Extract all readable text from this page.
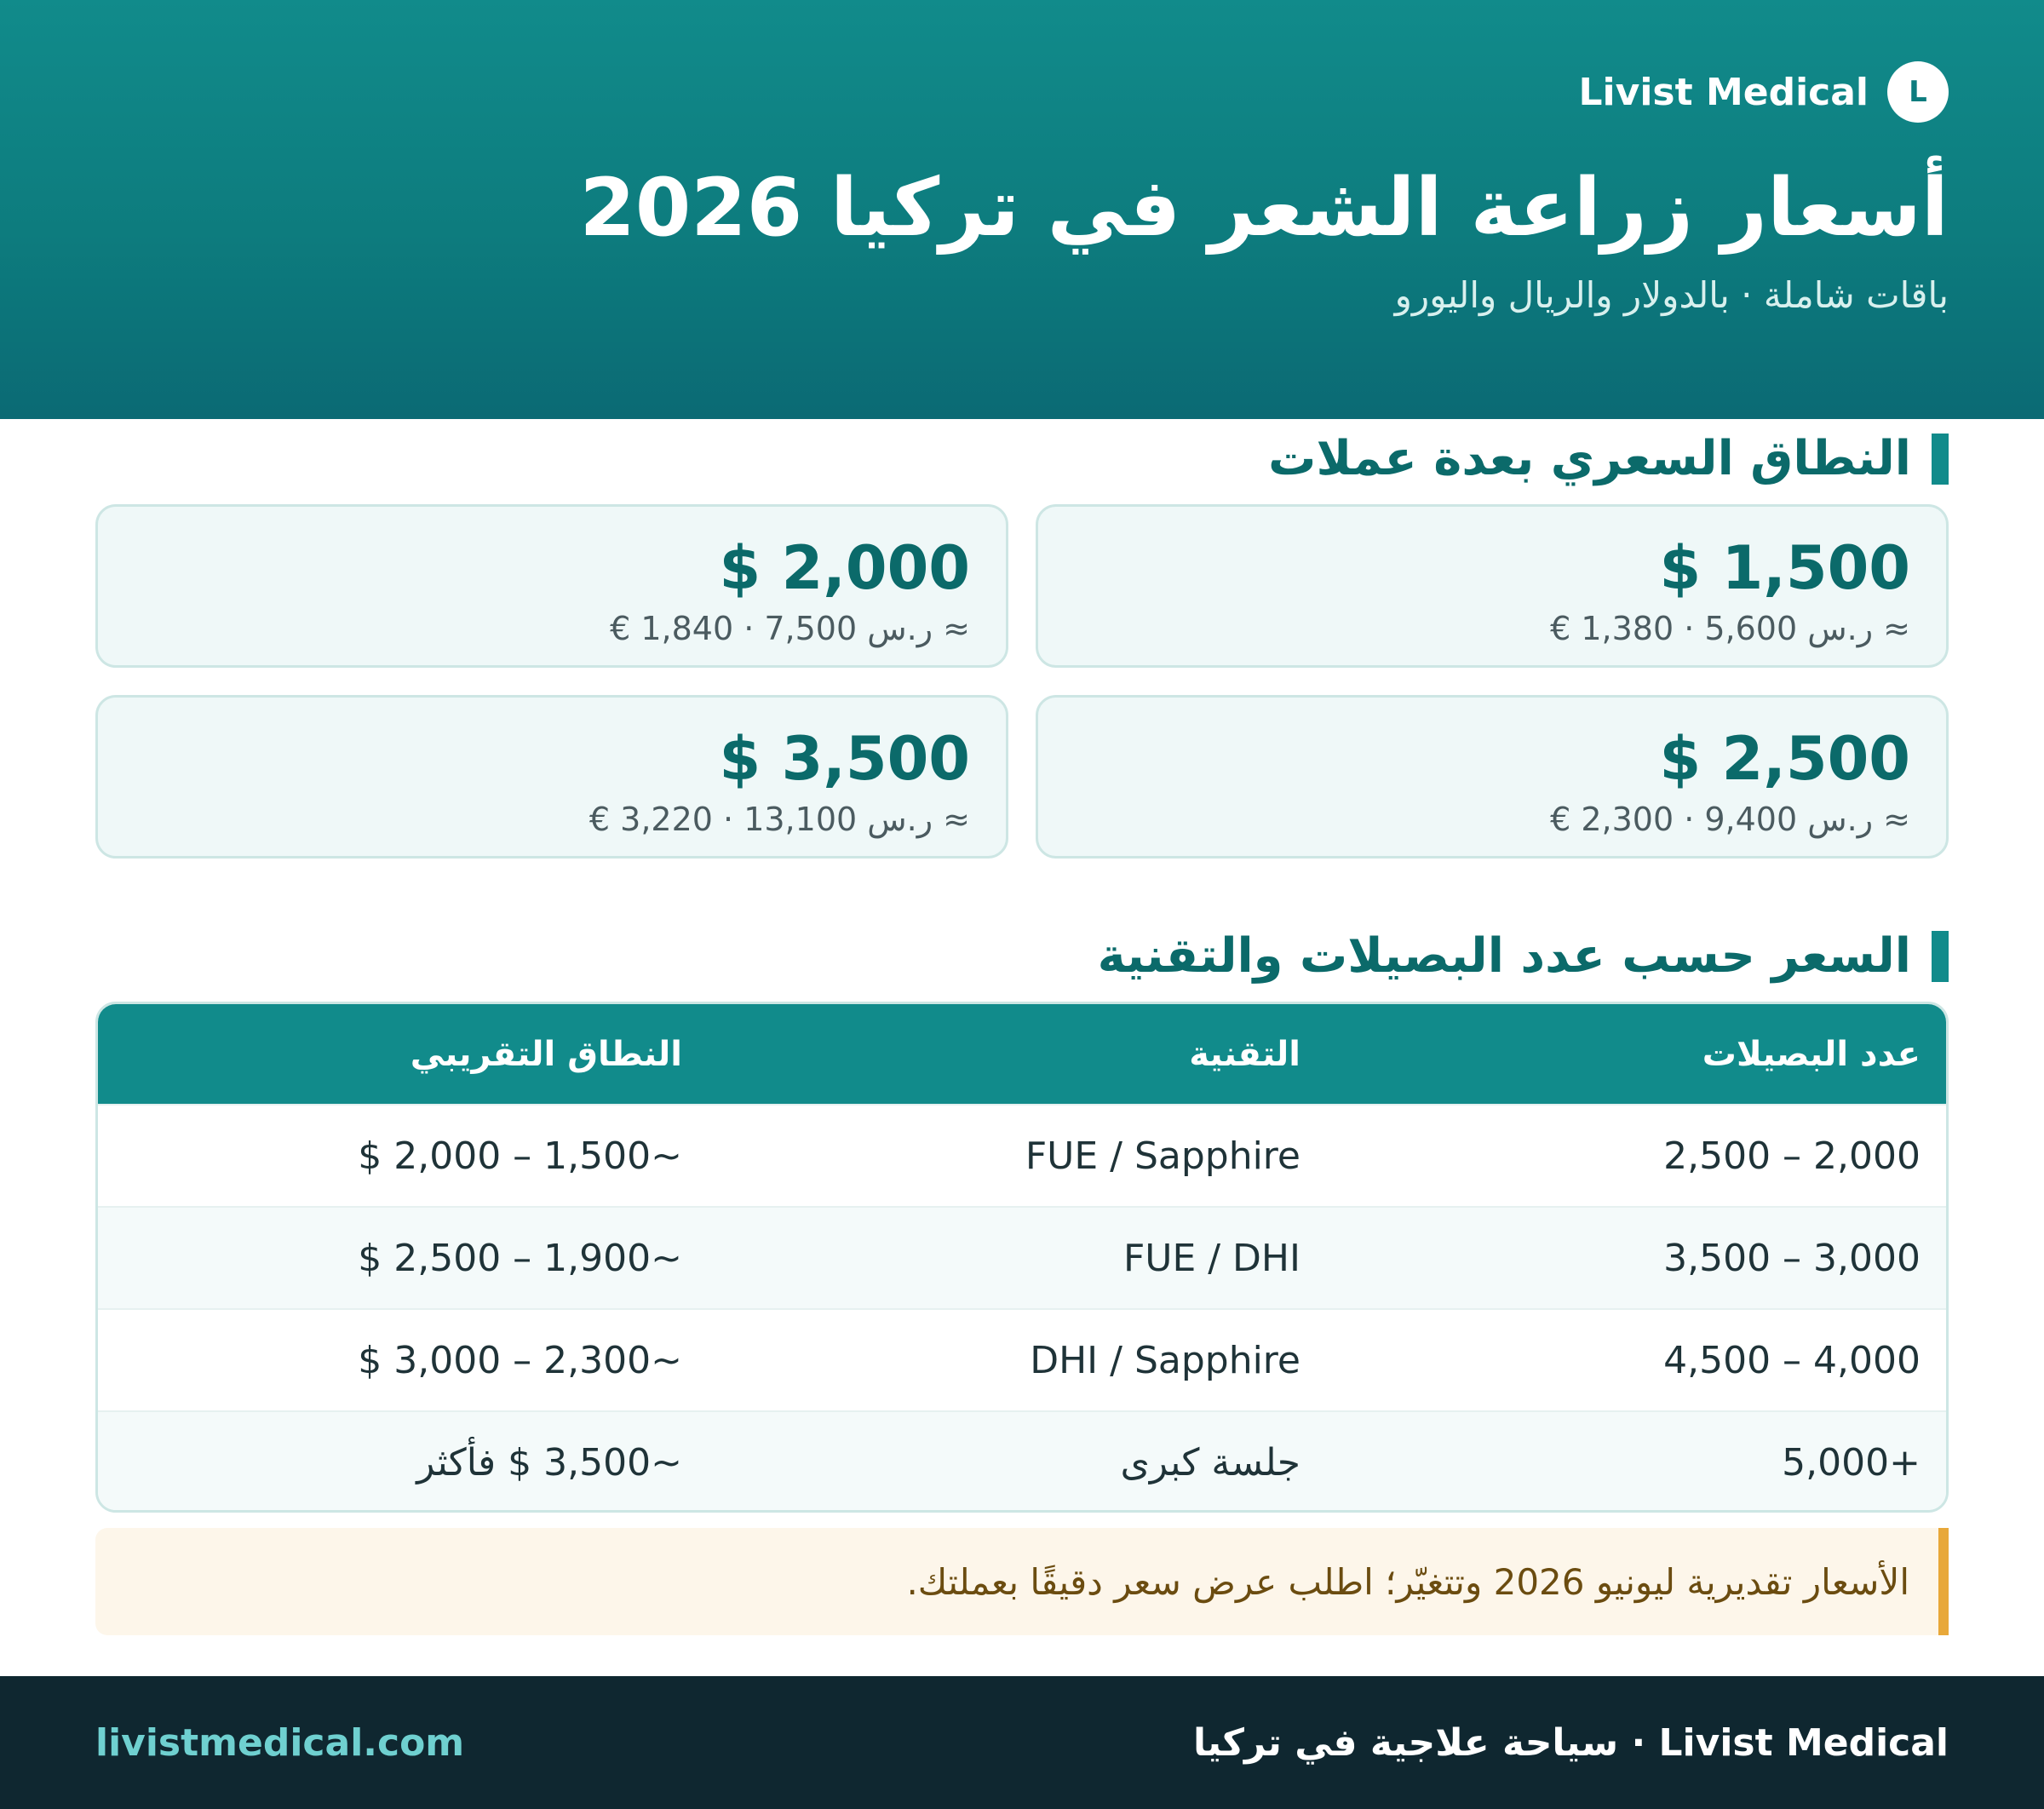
L
Livist Medical
أسعار زراعة الشعر في تركيا 2026
باقات شاملة · بالدولار والريال واليورو
النطاق السعري بعدة عملات
$ 1,500
€ 1,380 · ر.س 5,600 ≈
$ 2,000
€ 1,840 · ر.س 7,500 ≈
$ 2,500
€ 2,300 · ر.س 9,400 ≈
$ 3,500
€ 3,220 · ر.س 13,100 ≈
السعر حسب عدد البصيلات والتقنية
عدد البصيلات	التقنية	النطاق التقريبي
2,500 – 2,000	FUE / Sapphire	$ 2,000 – 1,500~
3,500 – 3,000	FUE / DHI	$ 2,500 – 1,900~
4,500 – 4,000	DHI / Sapphire	$ 3,000 – 2,300~
5,000+	جلسة كبرى	~3,500 $ فأكثر
الأسعار تقديرية ليونيو 2026 وتتغيّر؛ اطلب عرض سعر دقيقًا بعملتك.
Livist Medical · سياحة علاجية في تركيا
livistmedical.com
